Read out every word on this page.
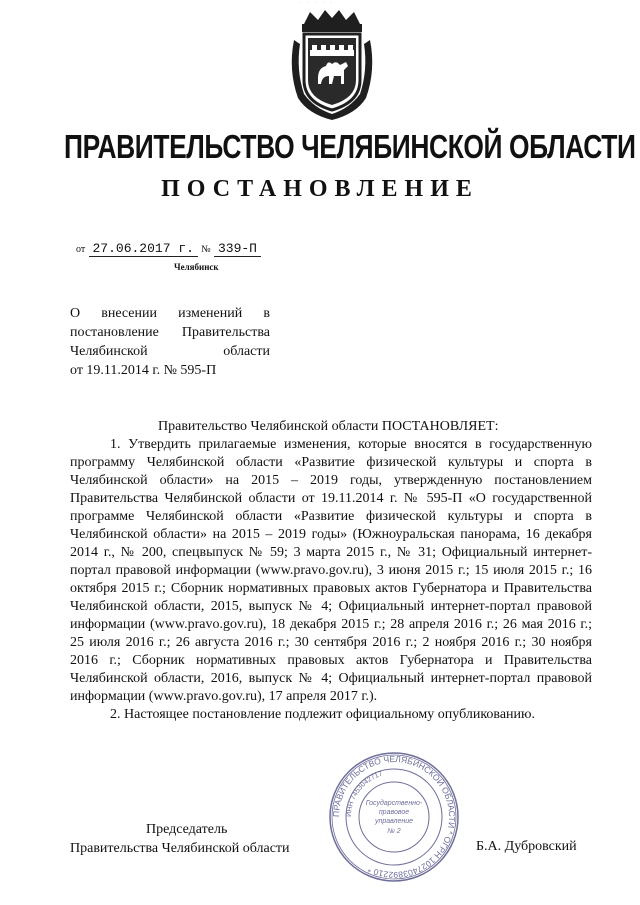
· · · · ·
ПРАВИТЕЛЬСТВО ЧЕЛЯБИНСКОЙ ОБЛАСТИ
ПОСТАНОВЛЕНИЕ
от 27.06.2017 г. № 339-П
Челябинск
О внесении изменений в
постановление Правительства
Челябинской области
от 19.11.2014 г. № 595-П

Правительство Челябинской области ПОСТАНОВЛЯЕТ:

1. Утвердить прилагаемые изменения, которые вносятся в государственную программу Челябинской области «Развитие физической культуры и спорта в Челябинской области» на 2015 – 2019 годы, утвержденную постановлением Правительства Челябинской области от 19.11.2014 г. № 595-П «О государственной программе Челябинской области «Развитие физической культуры и спорта в Челябинской области» на 2015 – 2019 годы» (Южноуральская панорама, 16 декабря 2014 г., № 200, спецвыпуск № 59; 3 марта 2015 г., № 31; Официальный интернет-портал правовой информации (www.pravo.gov.ru), 3 июня 2015 г.; 15 июля 2015 г.; 16 октября 2015 г.; Сборник нормативных правовых актов Губернатора и Правительства Челябинской области, 2015, выпуск № 4; Официальный интернет-портал правовой информации (www.pravo.gov.ru), 18 декабря 2015 г.; 28 апреля 2016 г.; 26 мая 2016 г.; 25 июля 2016 г.; 26 августа 2016 г.; 30 сентября 2016 г.; 2 ноября 2016 г.; 30 ноября 2016 г.; Сборник нормативных правовых актов Губернатора и Правительства Челябинской области, 2016, выпуск № 4; Официальный интернет-портал правовой информации (www.pravo.gov.ru), 17 апреля 2017 г.).

2. Настоящее постановление подлежит официальному опубликованию.

ПРАВИТЕЛЬСТВО ЧЕЛЯБИНСКОЙ ОБЛАСТИ * ОГРН 1027403892210 *
ИНН 7453042717
Государственно-
правовое
управление
№ 2
Председатель
Правительства Челябинской области	Б.А. Дубровский
